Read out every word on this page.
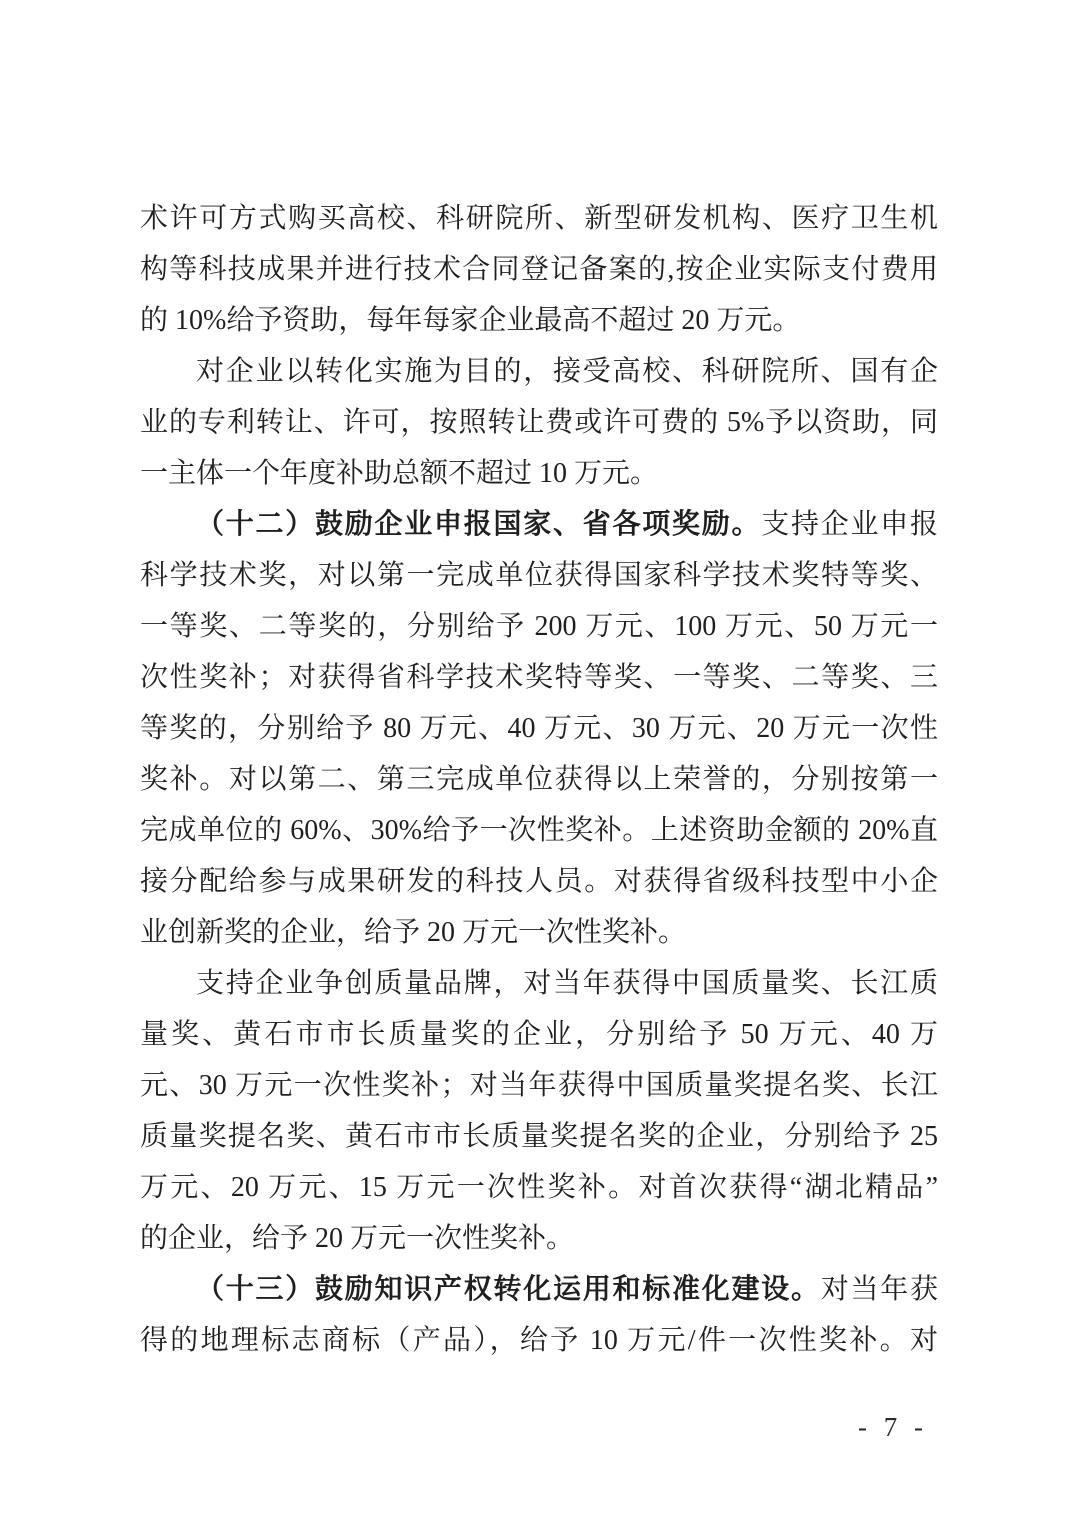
术许可方式购买高校、科研院所、新型研发机构、医疗卫生机
构等科技成果并进行技术合同登记备案的,按企业实际支付费用
的 10%给予资助，每年每家企业最高不超过 20 万元。
对企业以转化实施为目的，接受高校、科研院所、国有企
业的专利转让、许可，按照转让费或许可费的 5%予以资助，同
一主体一个年度补助总额不超过 10 万元。
（十二）鼓励企业申报国家、省各项奖励。支持企业申报
科学技术奖，对以第一完成单位获得国家科学技术奖特等奖、
一等奖、二等奖的，分别给予 200 万元、100 万元、50 万元一
次性奖补；对获得省科学技术奖特等奖、一等奖、二等奖、三
等奖的，分别给予 80 万元、40 万元、30 万元、20 万元一次性
奖补。对以第二、第三完成单位获得以上荣誉的，分别按第一
完成单位的 60%、30%给予一次性奖补。上述资助金额的 20%直
接分配给参与成果研发的科技人员。对获得省级科技型中小企
业创新奖的企业，给予 20 万元一次性奖补。
支持企业争创质量品牌，对当年获得中国质量奖、长江质
量奖、黄石市市长质量奖的企业，分别给予 50 万元、40 万
元、30 万元一次性奖补；对当年获得中国质量奖提名奖、长江
质量奖提名奖、黄石市市长质量奖提名奖的企业，分别给予 25
万元、20 万元、15 万元一次性奖补。对首次获得“湖北精品”
的企业，给予 20 万元一次性奖补。
（十三）鼓励知识产权转化运用和标准化建设。对当年获
得的地理标志商标（产品），给予 10 万元/件一次性奖补。对
- 7 -
